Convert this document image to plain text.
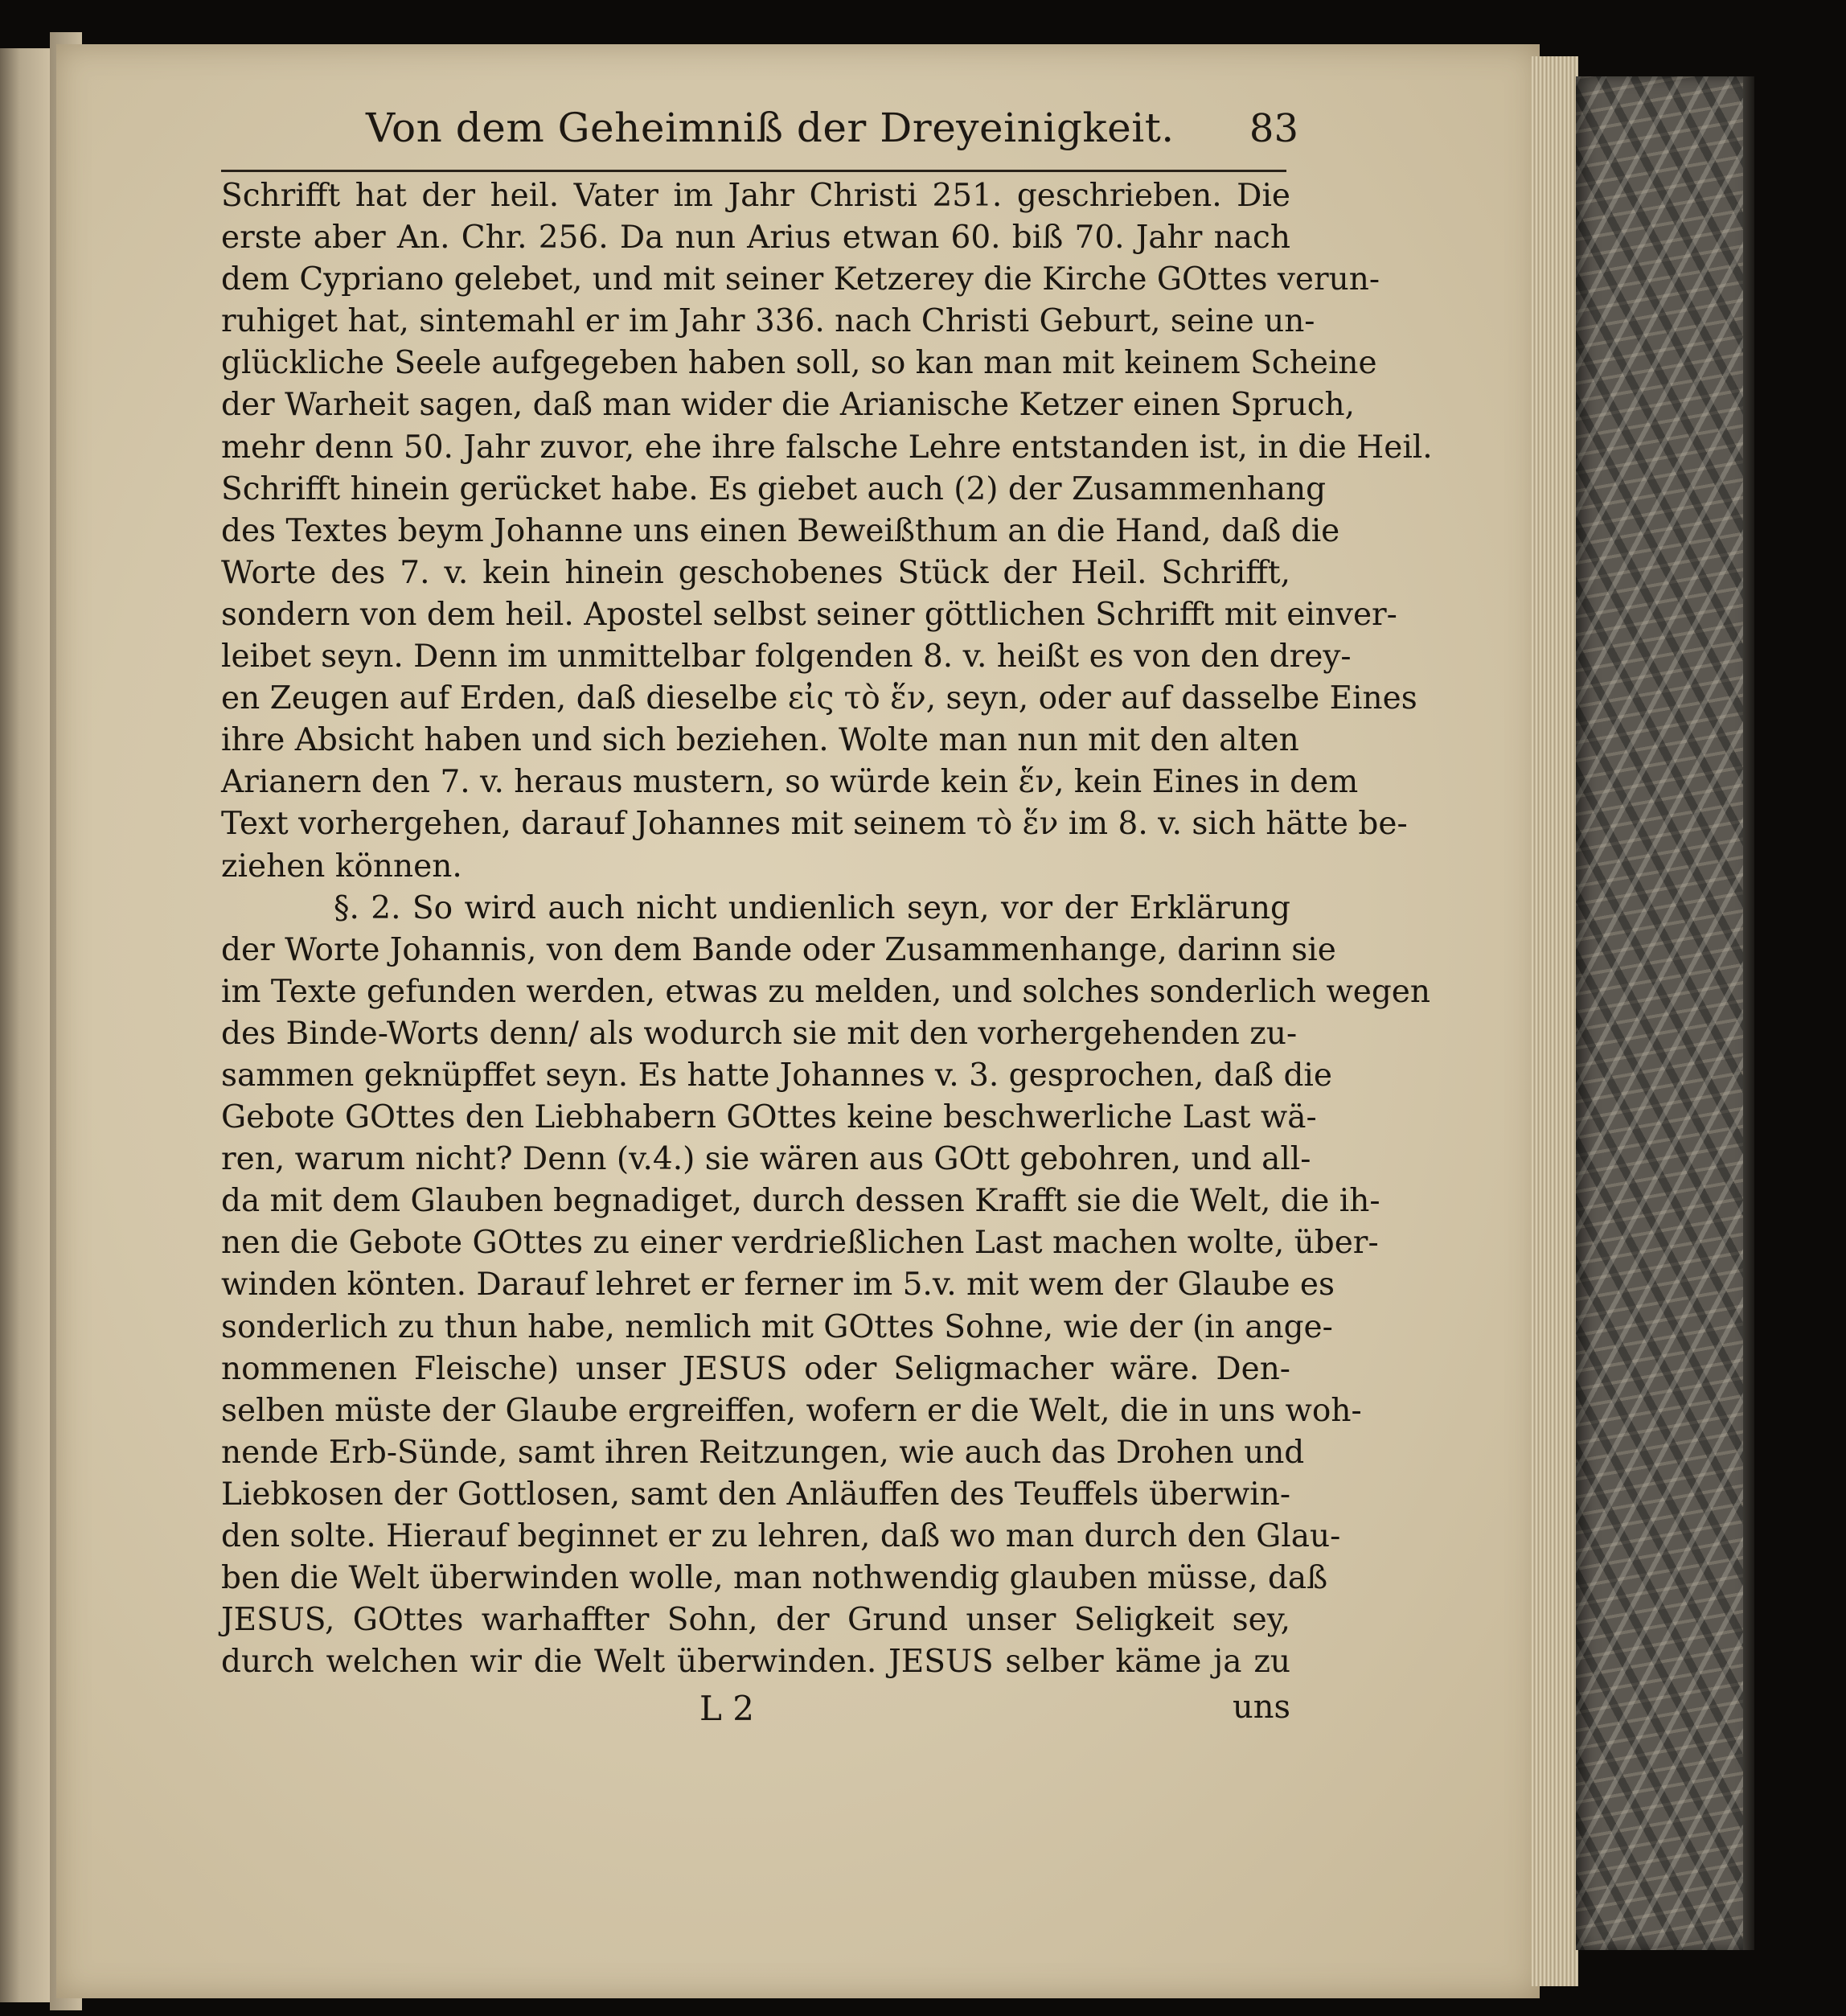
Von dem Geheimniß der Dreyeinigkeit.	83
Schrifft hat der heil. Vater im Jahr Christi 251. geschrieben. Die
erste aber An. Chr. 256. Da nun Arius etwan 60. biß 70. Jahr nach
dem Cypriano gelebet, und mit seiner Ketzerey die Kirche GOttes verun-
ruhiget hat, sintemahl er im Jahr 336. nach Christi Geburt, seine un-
glückliche Seele aufgegeben haben soll, so kan man mit keinem Scheine
der Warheit sagen, daß man wider die Arianische Ketzer einen Spruch,
mehr denn 50. Jahr zuvor, ehe ihre falsche Lehre entstanden ist, in die Heil.
Schrifft hinein gerücket habe. Es giebet auch (2) der Zusammenhang
des Textes beym Johanne uns einen Beweißthum an die Hand, daß die
Worte des 7. v. kein hinein geschobenes Stück der Heil. Schrifft,
sondern von dem heil. Apostel selbst seiner göttlichen Schrifft mit einver-
leibet seyn. Denn im unmittelbar folgenden 8. v. heißt es von den drey-
en Zeugen auf Erden, daß dieselbe εἰς τὸ ἕν, seyn, oder auf dasselbe Eines
ihre Absicht haben und sich beziehen. Wolte man nun mit den alten
Arianern den 7. v. heraus mustern, so würde kein ἕν, kein Eines in dem
Text vorhergehen, darauf Johannes mit seinem τὸ ἕν im 8. v. sich hätte be-
ziehen können.
§. 2. So wird auch nicht undienlich seyn, vor der Erklärung
der Worte Johannis, von dem Bande oder Zusammenhange, darinn sie
im Texte gefunden werden, etwas zu melden, und solches sonderlich wegen
des Binde-Worts denn/ als wodurch sie mit den vorhergehenden zu-
sammen geknüpffet seyn. Es hatte Johannes v. 3. gesprochen, daß die
Gebote GOttes den Liebhabern GOttes keine beschwerliche Last wä-
ren, warum nicht? Denn (v.4.) sie wären aus GOtt gebohren, und all-
da mit dem Glauben begnadiget, durch dessen Krafft sie die Welt, die ih-
nen die Gebote GOttes zu einer verdrießlichen Last machen wolte, über-
winden könten. Darauf lehret er ferner im 5.v. mit wem der Glaube es
sonderlich zu thun habe, nemlich mit GOttes Sohne, wie der (in ange-
nommenen Fleische) unser JESUS oder Seligmacher wäre. Den-
selben müste der Glaube ergreiffen, wofern er die Welt, die in uns woh-
nende Erb-Sünde, samt ihren Reitzungen, wie auch das Drohen und
Liebkosen der Gottlosen, samt den Anläuffen des Teuffels überwin-
den solte. Hierauf beginnet er zu lehren, daß wo man durch den Glau-
ben die Welt überwinden wolle, man nothwendig glauben müsse, daß
JESUS, GOttes warhaffter Sohn, der Grund unser Seligkeit sey,
durch welchen wir die Welt überwinden. JESUS selber käme ja zu
L 2	uns
